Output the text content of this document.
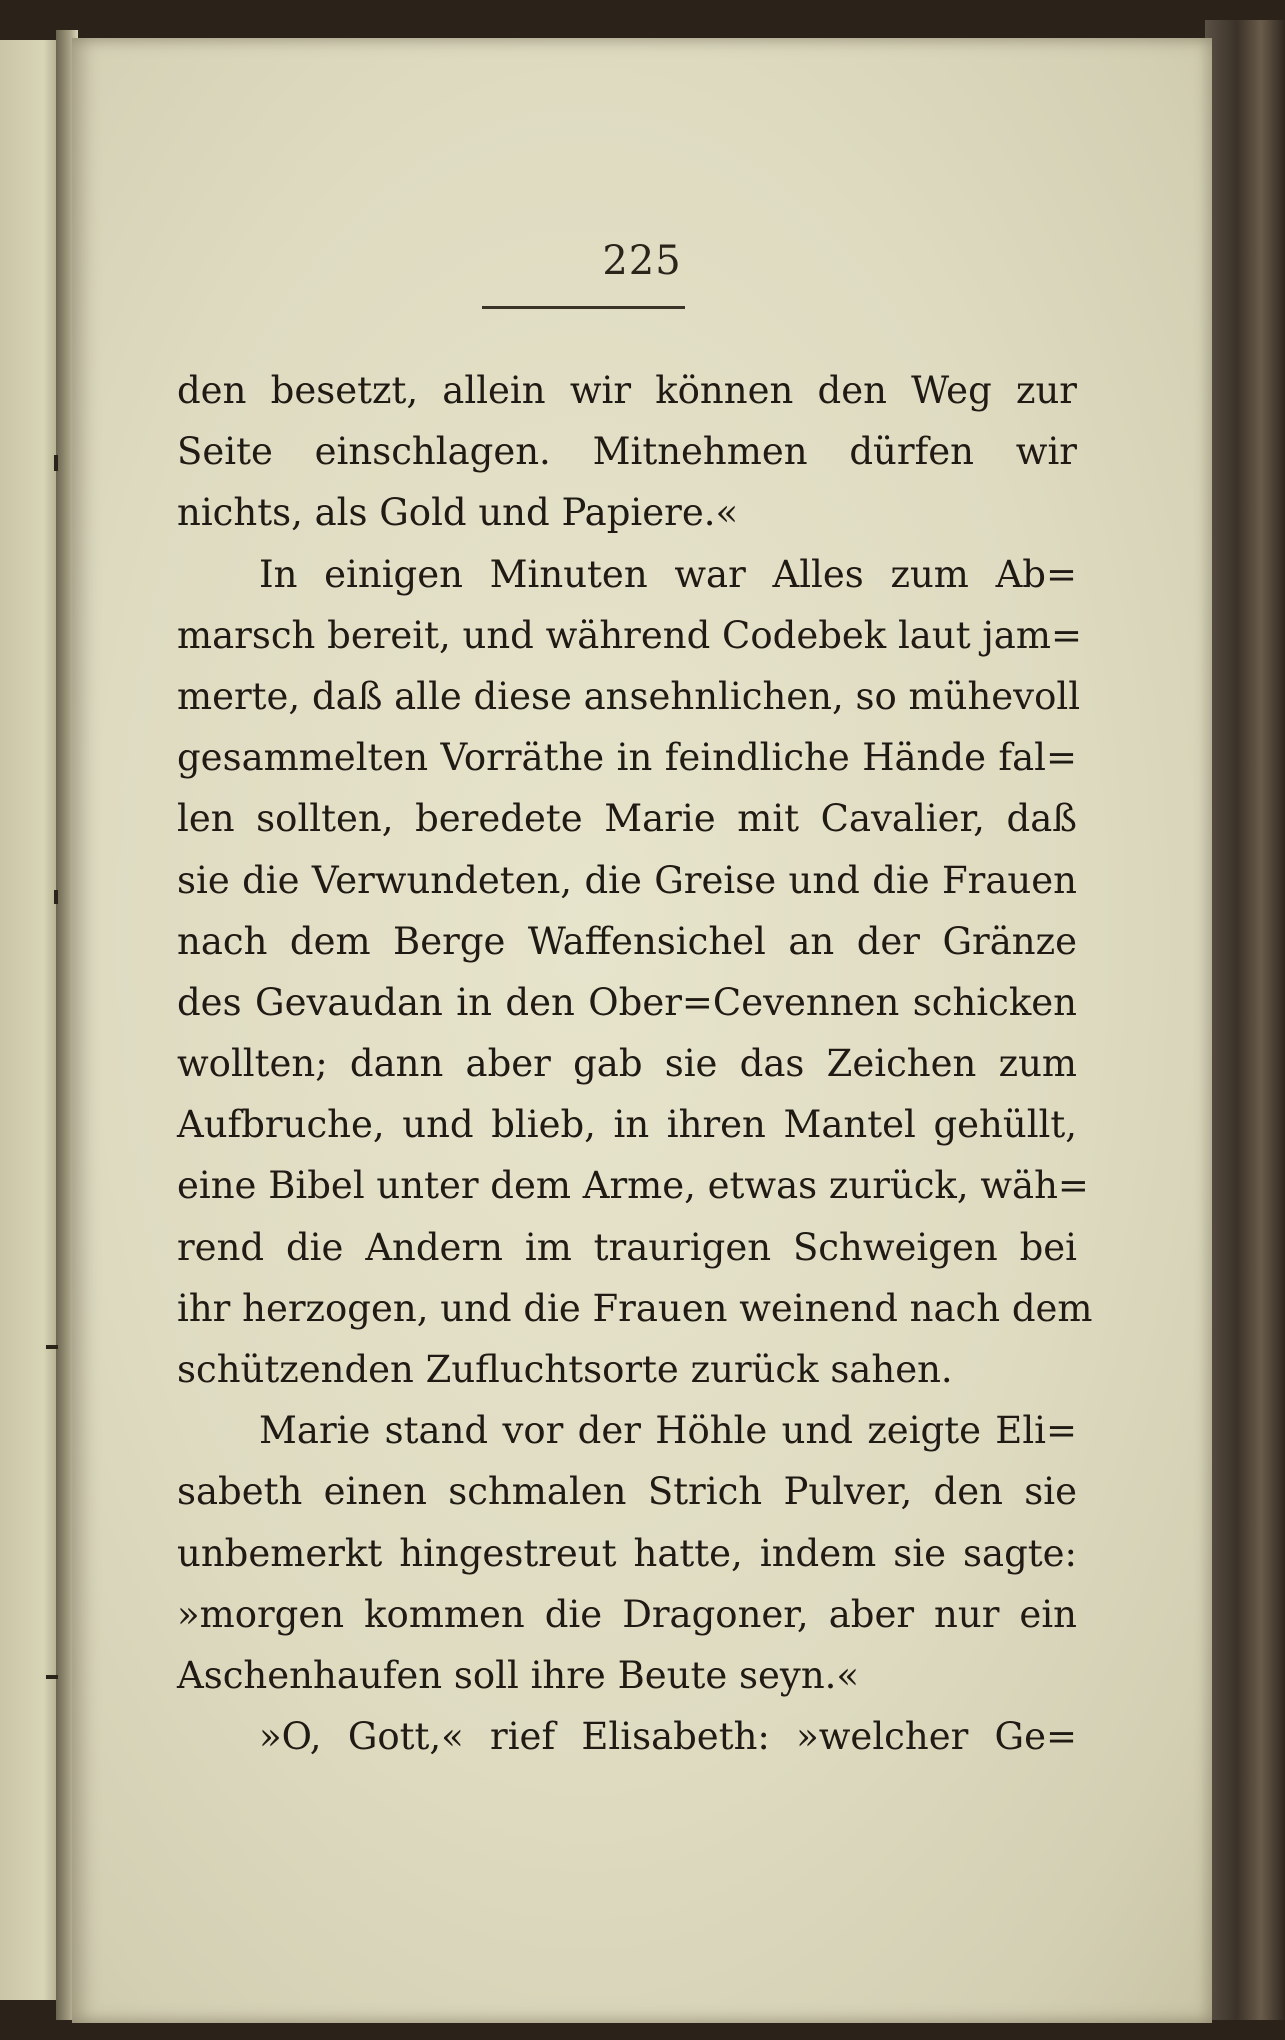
225
den besetzt, allein wir können den Weg zur
Seite einschlagen. Mitnehmen dürfen wir
nichts, als Gold und Papiere.«
In einigen Minuten war Alles zum Ab=
marsch bereit, und während Codebek laut jam=
merte, daß alle diese ansehnlichen, so mühevoll
gesammelten Vorräthe in feindliche Hände fal=
len sollten, beredete Marie mit Cavalier, daß
sie die Verwundeten, die Greise und die Frauen
nach dem Berge Waffensichel an der Gränze
des Gevaudan in den Ober=Cevennen schicken
wollten; dann aber gab sie das Zeichen zum
Aufbruche, und blieb, in ihren Mantel gehüllt,
eine Bibel unter dem Arme, etwas zurück, wäh=
rend die Andern im traurigen Schweigen bei
ihr herzogen, und die Frauen weinend nach dem
schützenden Zufluchtsorte zurück sahen.
Marie stand vor der Höhle und zeigte Eli=
sabeth einen schmalen Strich Pulver, den sie
unbemerkt hingestreut hatte, indem sie sagte:
»morgen kommen die Dragoner, aber nur ein
Aschenhaufen soll ihre Beute seyn.«
»O, Gott,« rief Elisabeth: »welcher Ge=
